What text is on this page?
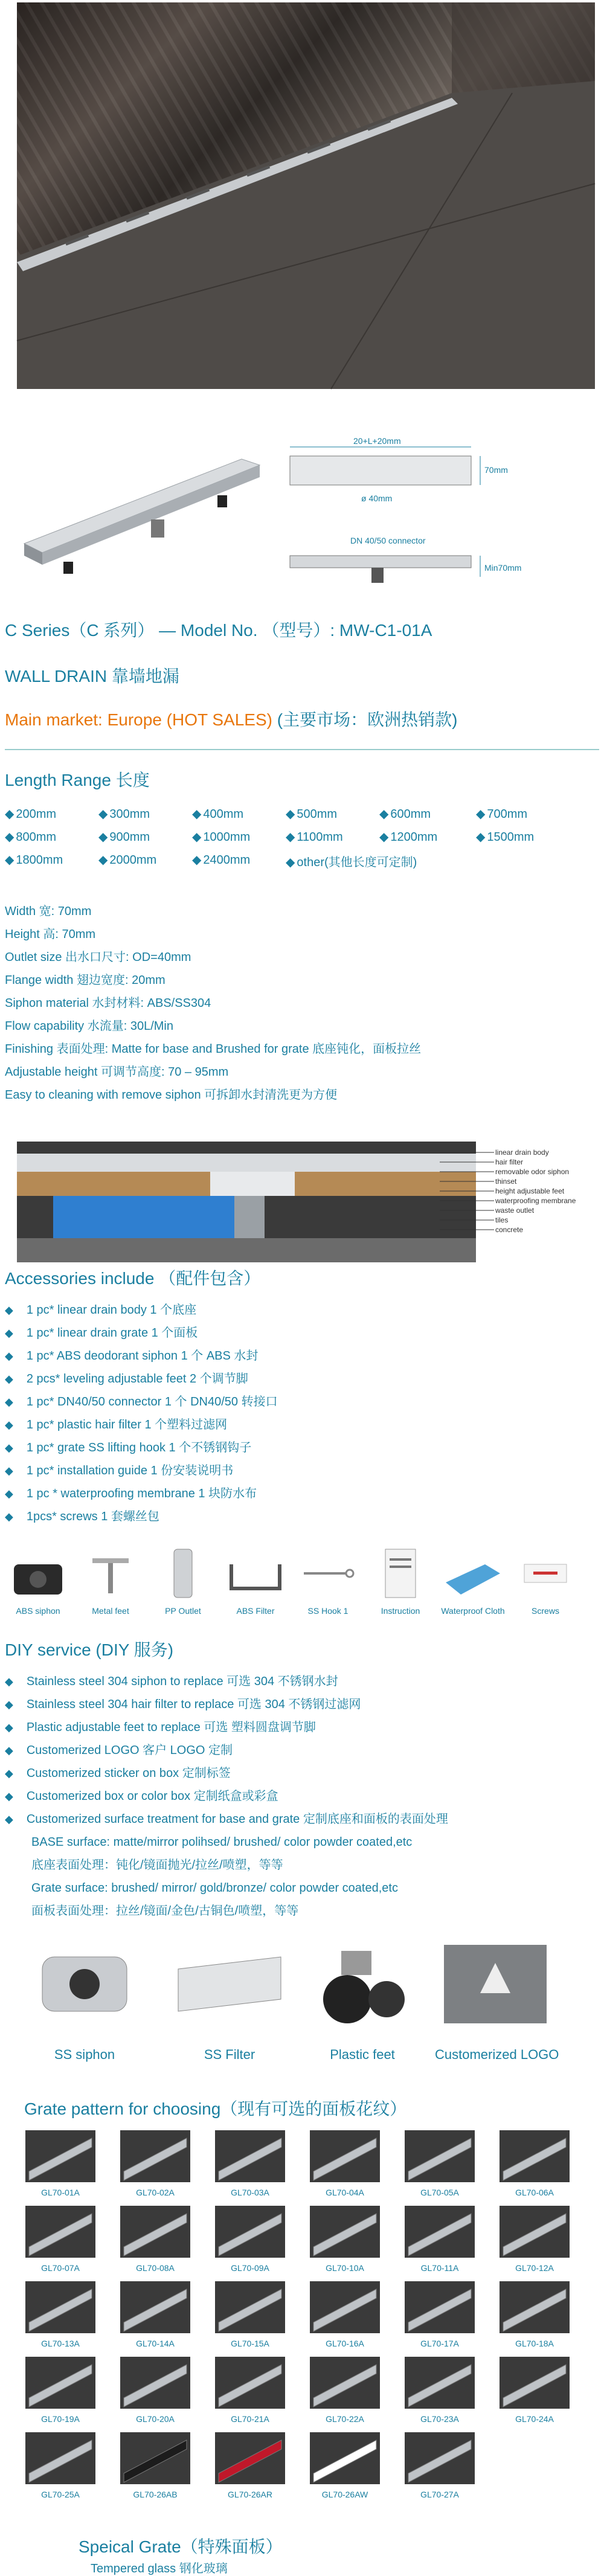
20+L+20mm
70mm
ø 40mm
DN 40/50 connector
Min70mm
C Series（C 系列） — Model No. （型号）: MW-C1-01A
WALL DRAIN 靠墙地漏
Main market: Europe (HOT SALES) (主要市场：欧洲热销款)
Length Range 长度
◆ 200mm	◆ 300mm	◆ 400mm	◆ 500mm	◆ 600mm	◆ 700mm
◆ 800mm	◆ 900mm	◆ 1000mm	◆ 1100mm	◆ 1200mm	◆ 1500mm
◆ 1800mm	◆ 2000mm	◆ 2400mm	◆ other(其他长度可定制)
Width 宽: 70mm
Height 高: 70mm
Outlet size 出水口尺寸: OD=40mm
Flange width 翅边宽度: 20mm
Siphon material 水封材料: ABS/SS304
Flow capability 水流量: 30L/Min
Finishing 表面处理: Matte for base and Brushed for grate 底座钝化，面板拉丝
Adjustable height 可调节高度: 70 – 95mm
Easy to cleaning with remove siphon 可拆卸水封清洗更为方便
linear drain body
hair filter
removable odor siphon
thinset
height adjustable feet
waterproofing membrane
waste outlet
tiles
concrete
Accessories include （配件包含）
◆ 1 pc* linear drain body 1 个底座
◆ 1 pc* linear drain grate 1 个面板
◆ 1 pc* ABS deodorant siphon 1 个 ABS 水封
◆ 2 pcs* leveling adjustable feet 2 个调节脚
◆ 1 pc* DN40/50 connector 1 个 DN40/50 转接口
◆ 1 pc* plastic hair filter 1 个塑料过滤网
◆ 1 pc* grate SS lifting hook 1 个不锈钢钩子
◆ 1 pc* installation guide 1 份安装说明书
◆ 1 pc * waterproofing membrane 1 块防水布
◆ 1pcs* screws 1 套螺丝包
ABS siphon	Metal feet	PP Outlet	ABS Filter	SS Hook 1	Instruction	Waterproof Cloth	Screws
DIY service (DIY 服务)
◆ Stainless steel 304 siphon to replace 可选 304 不锈钢水封
◆ Stainless steel 304 hair filter to replace 可选 304 不锈钢过滤网
◆ Plastic adjustable feet to replace 可选 塑料圆盘调节脚
◆ Customerized LOGO 客户 LOGO 定制
◆ Customerized sticker on box 定制标签
◆ Customerized box or color box 定制纸盒或彩盒
◆ Customerized surface treatment for base and grate 定制底座和面板的表面处理
BASE surface: matte/mirror polihsed/ brushed/ color powder coated,etc
底座表面处理：钝化/镜面抛光/拉丝/喷塑，等等
Grate surface: brushed/ mirror/ gold/bronze/ color powder coated,etc
面板表面处理：拉丝/镜面/金色/古铜色/喷塑，等等
SS siphon	SS Filter	Plastic feet	Customerized LOGO
Grate pattern for choosing（现有可选的面板花纹）
GL70-01A	GL70-02A	GL70-03A	GL70-04A	GL70-05A	GL70-06A
GL70-07A	GL70-08A	GL70-09A	GL70-10A	GL70-11A	GL70-12A
GL70-13A	GL70-14A	GL70-15A	GL70-16A	GL70-17A	GL70-18A
GL70-19A	GL70-20A	GL70-21A	GL70-22A	GL70-23A	GL70-24A
GL70-25A	GL70-26AB	GL70-26AR	GL70-26AW	GL70-27A
Speical Grate（特殊面板）
Tempered glass 钢化玻璃
